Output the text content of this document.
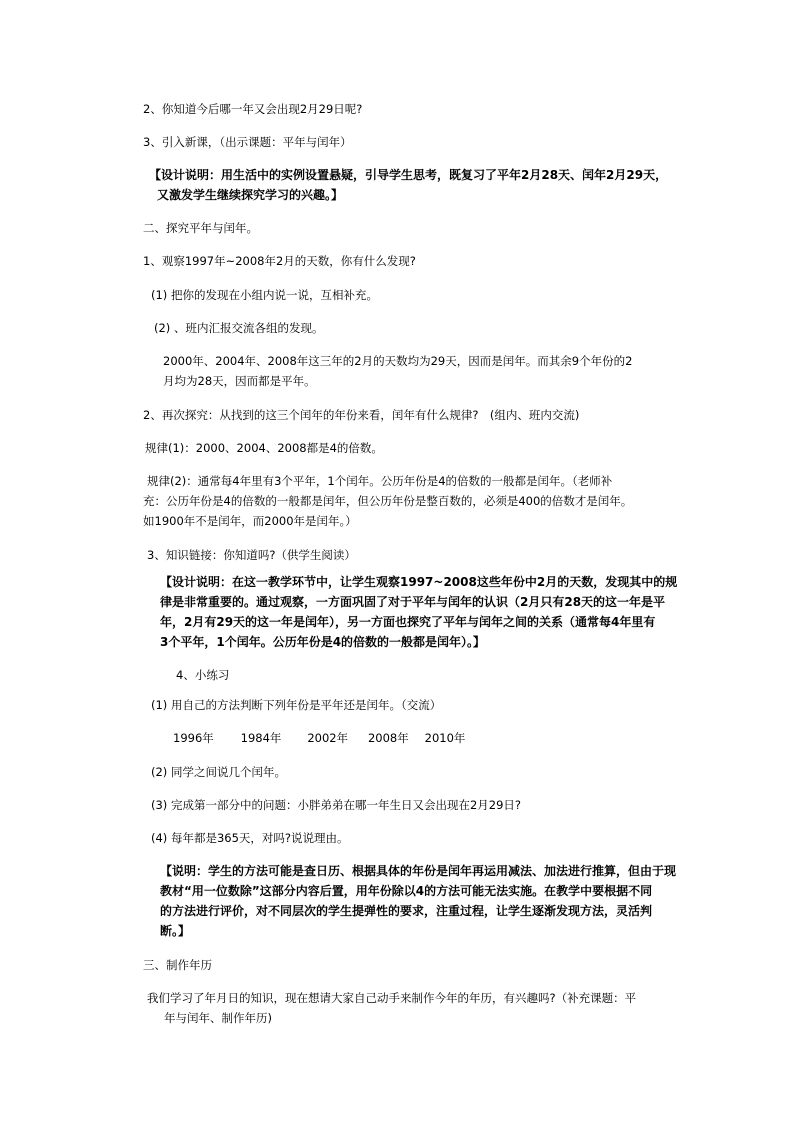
2、你知道今后哪一年又会出现2月29日呢?
3、引入新课，（出示课题：平年与闰年）
【设计说明：用生活中的实例设置悬疑，引导学生思考，既复习了平年2月28天、闰年2月29天，
又激发学生继续探究学习的兴趣。】
二、探究平年与闰年。
1、观察1997年~2008年2月的天数，你有什么发现?
(1) 把你的发现在小组内说一说，互相补充。
(2) 、班内汇报交流各组的发现。
2000年、2004年、2008年这三年的2月的天数均为29天，因而是闰年。而其余9个年份的2
月均为28天，因而都是平年。
2、再次探究：从找到的这三个闰年的年份来看，闰年有什么规律?　(组内、班内交流)
规律(1)：2000、2004、2008都是4的倍数。
规律(2)：通常每4年里有3个平年，1个闰年。公历年份是4的倍数的一般都是闰年。（老师补
充：公历年份是4的倍数的一般都是闰年，但公历年份是整百数的，必须是400的倍数才是闰年。
如1900年不是闰年，而2000年是闰年。）
3、知识链接：你知道吗?（供学生阅读）
【设计说明：在这一教学环节中，让学生观察1997~2008这些年份中2月的天数，发现其中的规
律是非常重要的。通过观察，一方面巩固了对于平年与闰年的认识（2月只有28天的这一年是平
年，2月有29天的这一年是闰年），另一方面也探究了平年与闰年之间的关系（通常每4年里有
3个平年，1个闰年。公历年份是4的倍数的一般都是闰年）。】
4、小练习
(1) 用自己的方法判断下列年份是平年还是闰年。（交流）
1996年 1984年 2002年 2008年 2010年
(2) 同学之间说几个闰年。
(3) 完成第一部分中的问题：小胖弟弟在哪一年生日又会出现在2月29日?
(4) 每年都是365天，对吗?说说理由。
【说明：学生的方法可能是查日历、根据具体的年份是闰年再运用减法、加法进行推算，但由于现
教材“用一位数除”这部分内容后置，用年份除以4的方法可能无法实施。在教学中要根据不同
的方法进行评价，对不同层次的学生提弹性的要求，注重过程，让学生逐渐发现方法，灵活判
断。】
三、制作年历
我们学习了年月日的知识，现在想请大家自己动手来制作今年的年历，有兴趣吗?（补充课题：平
年与闰年、制作年历)
